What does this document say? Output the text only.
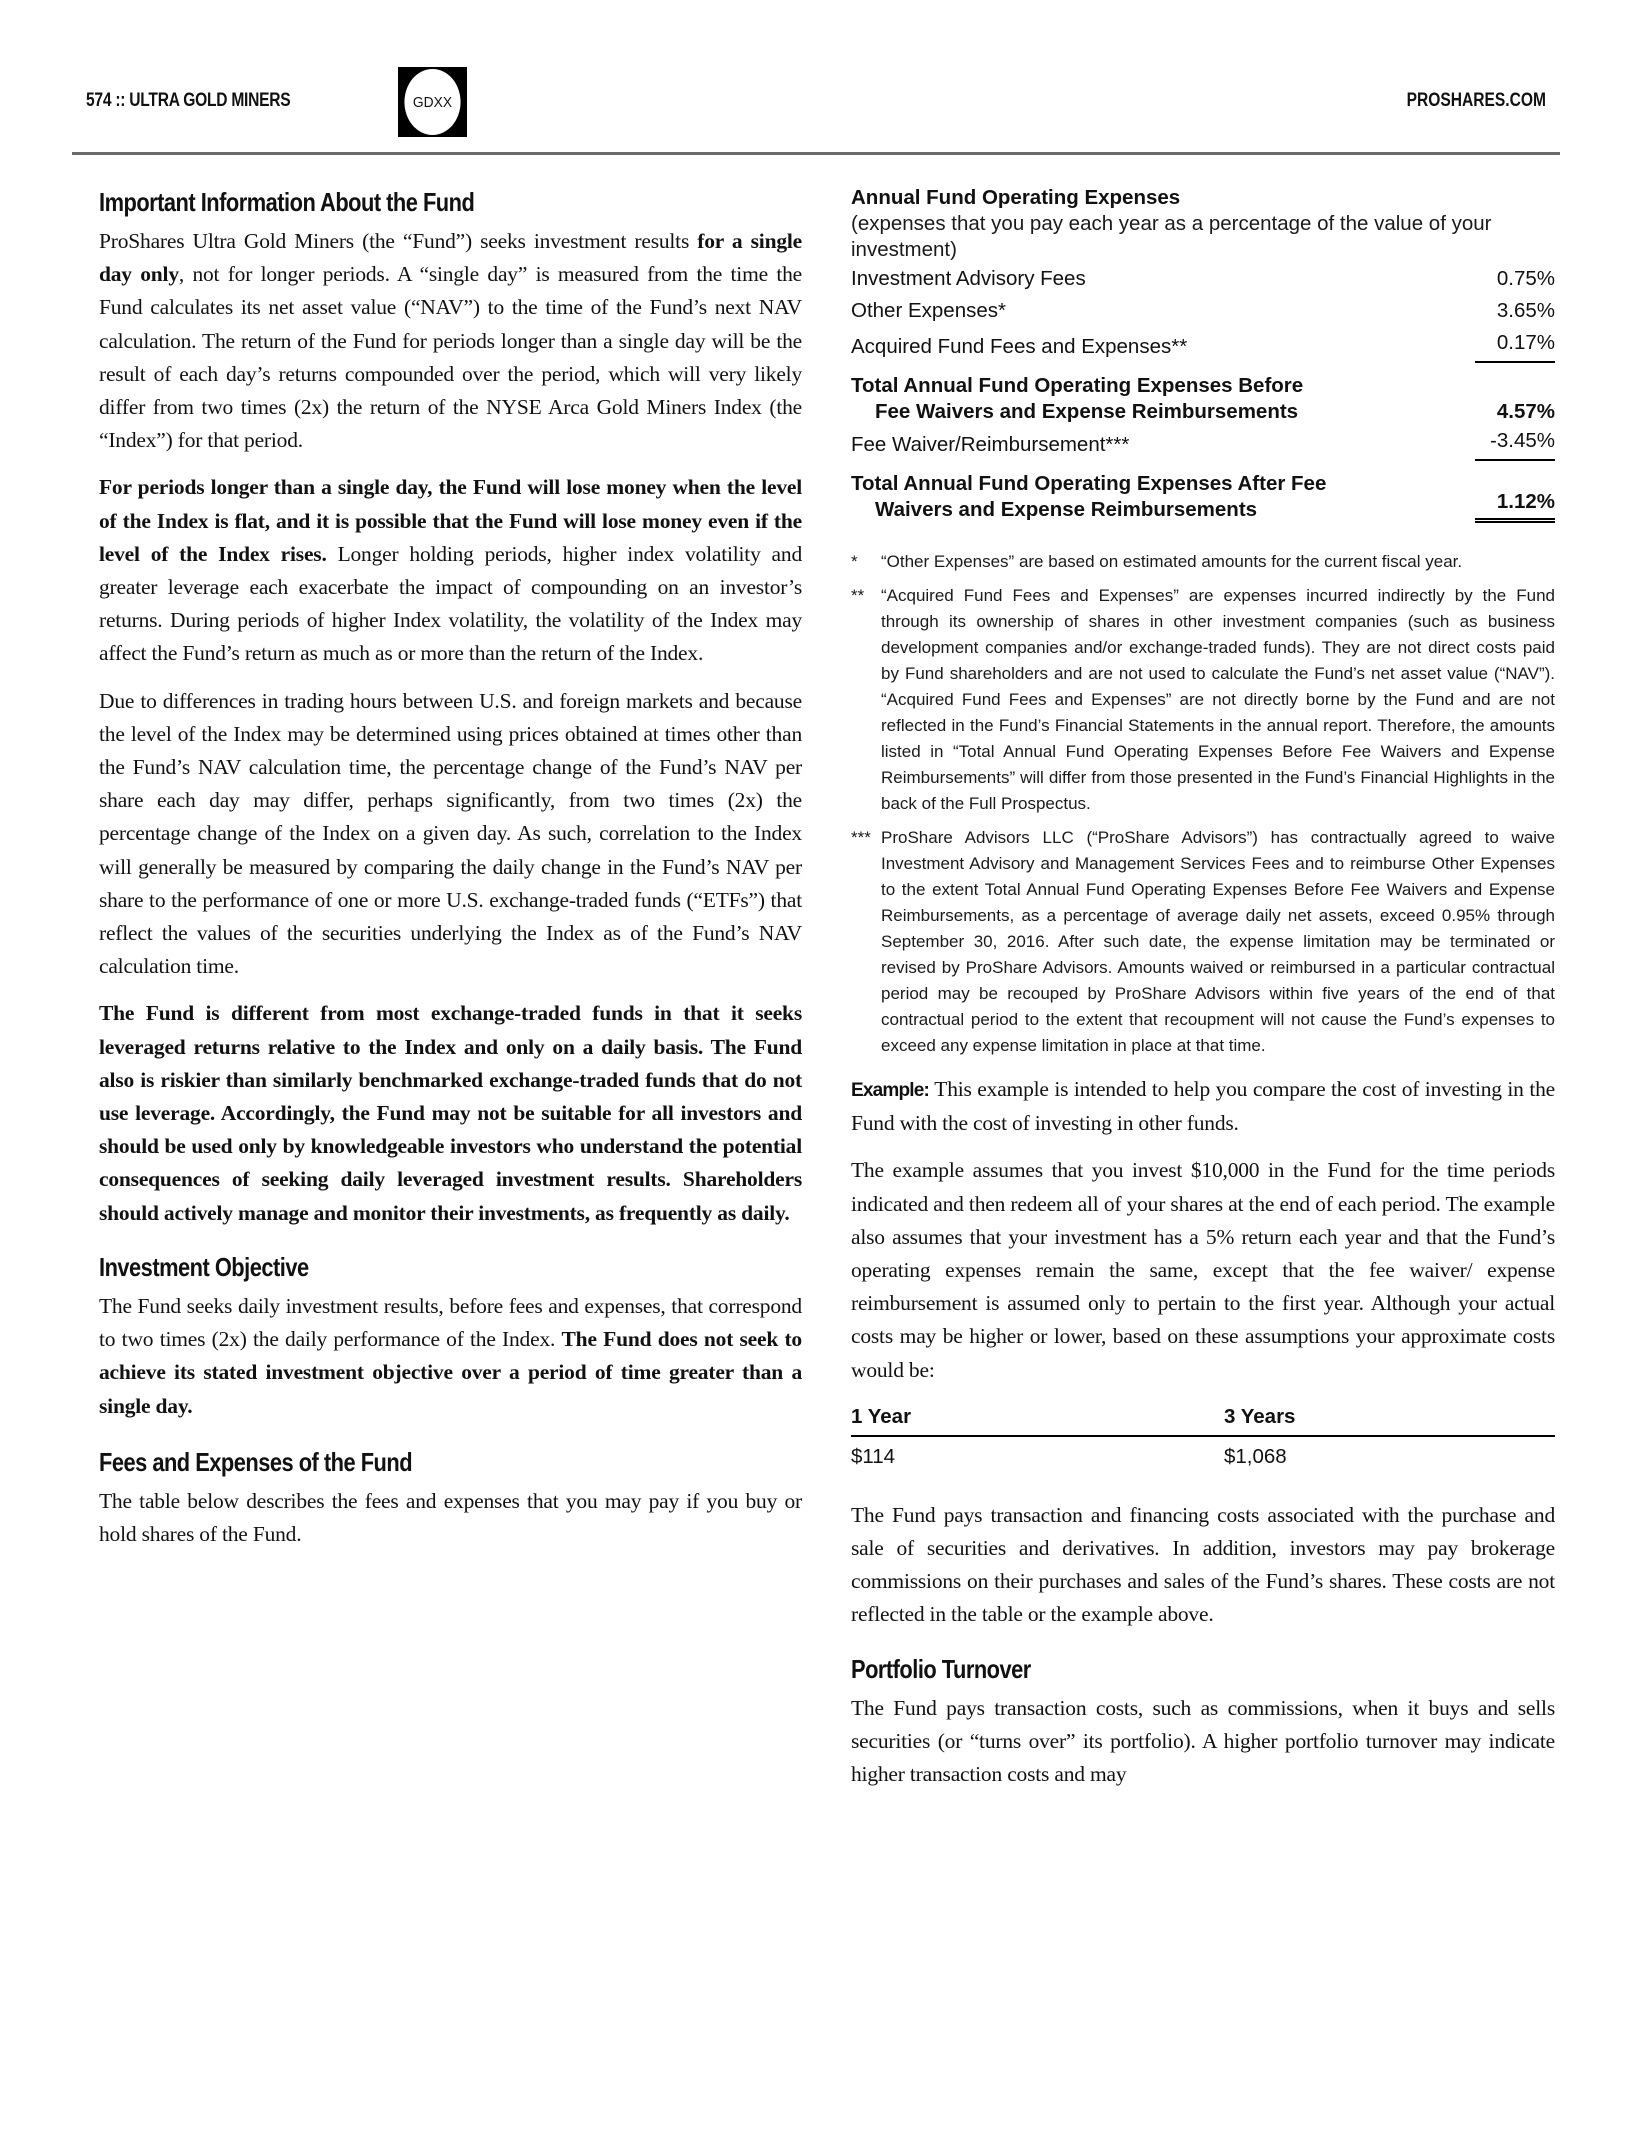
574 :: ULTRA GOLD MINERS	GDXX	PROSHARES.COM
Important Information About the Fund

ProShares Ultra Gold Miners (the “Fund”) seeks investment results for a single day only, not for longer periods. A “single day” is measured from the time the Fund calculates its net asset value (“NAV”) to the time of the Fund’s next NAV calculation. The return of the Fund for periods longer than a single day will be the result of each day’s returns compounded over the period, which will very likely differ from two times (2x) the return of the NYSE Arca Gold Miners Index (the “Index”) for that period.

For periods longer than a single day, the Fund will lose money when the level of the Index is flat, and it is possible that the Fund will lose money even if the level of the Index rises. Longer holding periods, higher index volatility and greater leverage each exacerbate the impact of compounding on an investor’s returns. During periods of higher Index volatility, the volatility of the Index may affect the Fund’s return as much as or more than the return of the Index.

Due to differences in trading hours between U.S. and foreign markets and because the level of the Index may be determined using prices obtained at times other than the Fund’s NAV calculation time, the percentage change of the Fund’s NAV per share each day may differ, perhaps significantly, from two times (2x) the percentage change of the Index on a given day. As such, correlation to the Index will generally be measured by comparing the daily change in the Fund’s NAV per share to the performance of one or more U.S. exchange-traded funds (“ETFs”) that reflect the values of the securities underlying the Index as of the Fund’s NAV calculation time.

The Fund is different from most exchange-traded funds in that it seeks leveraged returns relative to the Index and only on a daily basis. The Fund also is riskier than similarly benchmarked exchange-traded funds that do not use leverage. Accordingly, the Fund may not be suitable for all investors and should be used only by knowledgeable investors who understand the potential consequences of seeking daily leveraged investment results. Shareholders should actively manage and monitor their investments, as frequently as daily.

Investment Objective

The Fund seeks daily investment results, before fees and expenses, that correspond to two times (2x) the daily performance of the Index. The Fund does not seek to achieve its stated investment objective over a period of time greater than a single day.

Fees and Expenses of the Fund

The table below describes the fees and expenses that you may pay if you buy or hold shares of the Fund.

Annual Fund Operating Expenses

(expenses that you pay each year as a percentage of the value of your investment)

Investment Advisory Fees	0.75%
Other Expenses*	3.65%
Acquired Fund Fees and Expenses**	0.17%
Total Annual Fund Operating Expenses Before
Fee Waivers and Expense Reimbursements	4.57%
Fee Waiver/Reimbursement***	-3.45%
Total Annual Fund Operating Expenses After Fee
Waivers and Expense Reimbursements	1.12%
*	“Other Expenses” are based on estimated amounts for the current fiscal year.
** “Acquired Fund Fees and Expenses” are expenses incurred indirectly by the Fund through its ownership of shares in other investment companies (such as business development companies and/or exchange-traded funds). They are not direct costs paid by Fund shareholders and are not used to calculate the Fund’s net asset value (“NAV”). “Acquired Fund Fees and Expenses” are not directly borne by the Fund and are not reflected in the Fund’s Financial Statements in the annual report. Therefore, the amounts listed in “Total Annual Fund Operating Expenses Before Fee Waivers and Expense Reimbursements” will differ from those presented in the Fund’s Financial Highlights in the back of the Full Prospectus.
*** ProShare Advisors LLC (“ProShare Advisors”) has contractually agreed to waive Investment Advisory and Management Services Fees and to reimburse Other Expenses to the extent Total Annual Fund Operating Expenses Before Fee Waivers and Expense Reimbursements, as a percentage of average daily net assets, exceed 0.95% through September 30, 2016. After such date, the expense limitation may be terminated or revised by ProShare Advisors. Amounts waived or reimbursed in a particular contractual period may be recouped by ProShare Advisors within five years of the end of that contractual period to the extent that recoupment will not cause the Fund’s expenses to exceed any expense limitation in place at that time.

Example: This example is intended to help you compare the cost of investing in the Fund with the cost of investing in other funds.

The example assumes that you invest $10,000 in the Fund for the time periods indicated and then redeem all of your shares at the end of each period. The example also assumes that your investment has a 5% return each year and that the Fund’s operating expenses remain the same, except that the fee waiver/ expense reimbursement is assumed only to pertain to the first year. Although your actual costs may be higher or lower, based on these assumptions your approximate costs would be:

1 Year	3 Years
$114	$1,068

The Fund pays transaction and financing costs associated with the purchase and sale of securities and derivatives. In addition, investors may pay brokerage commissions on their purchases and sales of the Fund’s shares. These costs are not reflected in the table or the example above.

Portfolio Turnover

The Fund pays transaction costs, such as commissions, when it buys and sells securities (or “turns over” its portfolio). A higher portfolio turnover may indicate higher transaction costs and may
